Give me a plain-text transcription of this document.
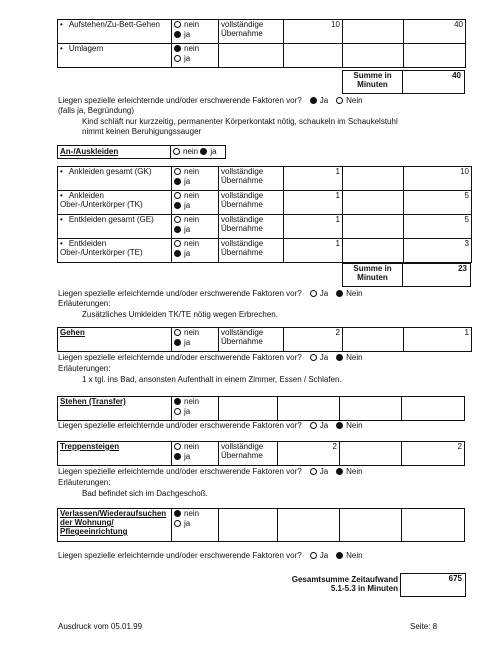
• Aufstehen/Zu-Bett-Gehen	nein
ja	vollständige Übernahme	10		40
• Umlagern	nein
ja				

Summe in Minuten
40
Liegen spezielle erleichternde und/oder erschwerende Faktoren vor? Ja Nein
(falls ja, Begründung)
Kind schläft nur kurzzeitig, permanenter Körperkontakt nötig, schaukeln im Schaukelstuhl
nimmt keinen Beruhigungssauger
An-/Auskleiden	nein ja
• Ankleiden gesamt (GK)	nein
ja	vollständige Übernahme	1		10
• Ankleiden Ober-/Unterkörper (TK)	nein
ja	vollständige Übernahme	1		5
• Entkleiden gesamt (GE)	nein
ja	vollständige Übernahme	1		5
• Entkleiden Ober-/Unterkörper (TE)	nein
ja	vollständige Übernahme	1		3
Summe in Minuten
23
Liegen spezielle erleichternde und/oder erschwerende Faktoren vor? Ja Nein
Erläuterungen:
Zusätzliches Umkleiden TK/TE nötig wegen Erbrechen.
Gehen	nein
ja
	vollständige Übernahme	2		1
Liegen spezielle erleichternde und/oder erschwerende Faktoren vor? Ja Nein
Erläuterungen:
1 x tgl. ins Bad, ansonsten Aufenthalt in einem Zimmer, Essen / Schlafen.
Stehen (Transfer)	nein
ja

Liegen spezielle erleichternde und/oder erschwerende Faktoren vor? Ja Nein
Treppensteigen	nein
ja
	vollständige Übernahme	2		2
Liegen spezielle erleichternde und/oder erschwerende Faktoren vor? Ja Nein
Erläuterungen:
Bad befindet sich im Dachgeschoß.
Verlassen/Wiederaufsuchen der Wohnung/ Pflegeeinrichtung	
nein
ja

Liegen spezielle erleichternde und/oder erschwerende Faktoren vor? Ja Nein
Gesamtsumme Zeitaufwand
5.1-5.3 in Minuten
675
Ausdruck vom 05.01.99	Seite: 8
